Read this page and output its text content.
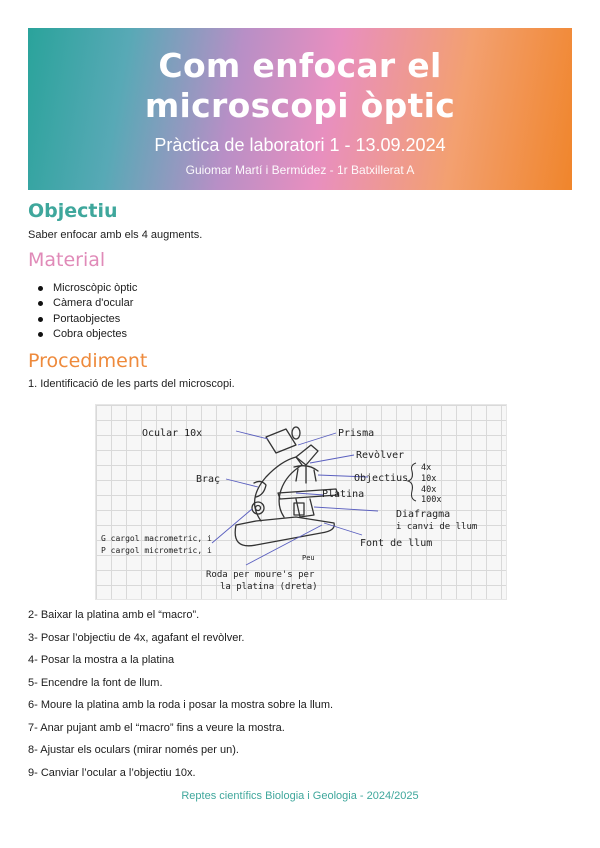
Com enfocar el
microscopi òptic
Pràctica de laboratori 1 - 13.09.2024
Guiomar Martí i Bermúdez - 1r Batxillerat A
Objectiu
Saber enfocar amb els 4 augments.
Material
Microscòpic òptic
Càmera d'ocular
Portaobjectes
Cobra objectes
Procediment
1. Identificació de les parts del microscopi.
Ocular 10x	Prisma
Revòlver
Objectius
4x
10x
40x
100x
Braç
Platina
Diafragma
i canvi de llum
G cargol macrometric, i
P cargol micrometric, i
Peu
Font de llum
Roda per moure's per
la platina (dreta)
2- Baixar la platina amb el “macro”.
3- Posar l’objectiu de 4x, agafant el revòlver.
4- Posar la mostra a la platina
5- Encendre la font de llum.
6- Moure la platina amb la roda i posar la mostra sobre la llum.
7- Anar pujant amb el “macro” fins a veure la mostra.
8- Ajustar els oculars (mirar només per un).
9- Canviar l’ocular a l’objectiu 10x.
Reptes científics Biologia i Geologia - 2024/2025
